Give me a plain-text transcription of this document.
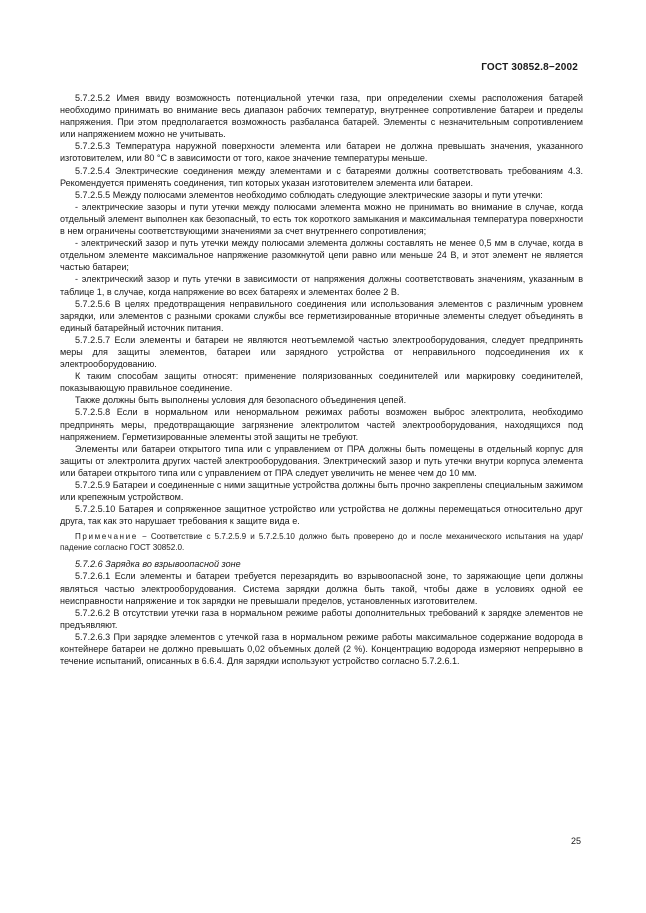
ГОСТ 30852.8−2002

5.7.2.5.2 Имея ввиду возможность потенциальной утечки газа, при определении схемы расположения батарей необходимо принимать во внимание весь диапазон рабочих температур, внутреннее сопротивление батареи и пределы напряжения. При этом предполагается возможность разбаланса батарей. Элементы с незначительным сопротивлением или напряжением можно не учитывать.

5.7.2.5.3 Температура наружной поверхности элемента или батареи не должна превышать значения, указанного изготовителем, или 80 °С в зависимости от того, какое значение температуры меньше.

5.7.2.5.4 Электрические соединения между элементами и с батареями должны соответствовать требованиям 4.3. Рекомендуется применять соединения, тип которых указан изготовителем элемента или батареи.

5.7.2.5.5 Между полюсами элементов необходимо соблюдать следующие электрические зазоры и пути утечки:

- электрические зазоры и пути утечки между полюсами элемента можно не принимать во внимание в случае, когда отдельный элемент выполнен как безопасный, то есть ток короткого замыкания и максимальная температура поверхности в нем ограничены соответствующими значениями за счет внутреннего сопротивления;

- электрический зазор и путь утечки между полюсами элемента должны составлять не менее 0,5 мм в случае, когда в отдельном элементе максимальное напряжение разомкнутой цепи равно или меньше 24 В, и этот элемент не является частью батареи;

- электрический зазор и путь утечки в зависимости от напряжения должны соответствовать значениям, указанным в таблице 1, в случае, когда напряжение во всех батареях и элементах более 2 В.

5.7.2.5.6 В целях предотвращения неправильного соединения или использования элементов с различным уровнем зарядки, или элементов с разными сроками службы все герметизированные вторичные элементы следует объединять в единый батарейный источник питания.

5.7.2.5.7 Если элементы и батареи не являются неотъемлемой частью электрооборудования, следует предпринять меры для защиты элементов, батареи или зарядного устройства от неправильного подсоединения их к электрооборудованию.

К таким способам защиты относят: применение поляризованных соединителей или маркировку соединителей, показывающую правильное соединение.

Также должны быть выполнены условия для безопасного объединения цепей.

5.7.2.5.8 Если в нормальном или ненормальном режимах работы возможен выброс электролита, необходимо предпринять меры, предотвращающие загрязнение электролитом частей электрооборудования, находящихся под напряжением. Герметизированные элементы этой защиты не требуют.

Элементы или батареи открытого типа или с управлением от ПРА должны быть помещены в отдельный корпус для защиты от электролита других частей электрооборудования. Электрический зазор и путь утечки внутри корпуса элемента или батареи открытого типа или с управлением от ПРА следует увеличить не менее чем до 10 мм.

5.7.2.5.9 Батареи и соединенные с ними защитные устройства должны быть прочно закреплены специальным зажимом или крепежным устройством.

5.7.2.5.10 Батарея и сопряженное защитное устройство или устройства не должны перемещаться относительно друг друга, так как это нарушает требования к защите вида е.

Примечание − Соответствие с 5.7.2.5.9 и 5.7.2.5.10 должно быть проверено до и после механического испытания на удар/падение согласно ГОСТ 30852.0.

5.7.2.6 Зарядка во взрывоопасной зоне

5.7.2.6.1 Если элементы и батареи требуется перезарядить во взрывоопасной зоне, то заряжающие цепи должны являться частью электрооборудования. Система зарядки должна быть такой, чтобы даже в условиях одной ее неисправности напряжение и ток зарядки не превышали пределов, установленных изготовителем.

5.7.2.6.2 В отсутствии утечки газа в нормальном режиме работы дополнительных требований к зарядке элементов не предъявляют.

5.7.2.6.3 При зарядке элементов с утечкой газа в нормальном режиме работы максимальное содержание водорода в контейнере батареи не должно превышать 0,02 объемных долей (2 %). Концентрацию водорода измеряют непрерывно в течение испытаний, описанных в 6.6.4. Для зарядки используют устройство согласно 5.7.2.6.1.

25
